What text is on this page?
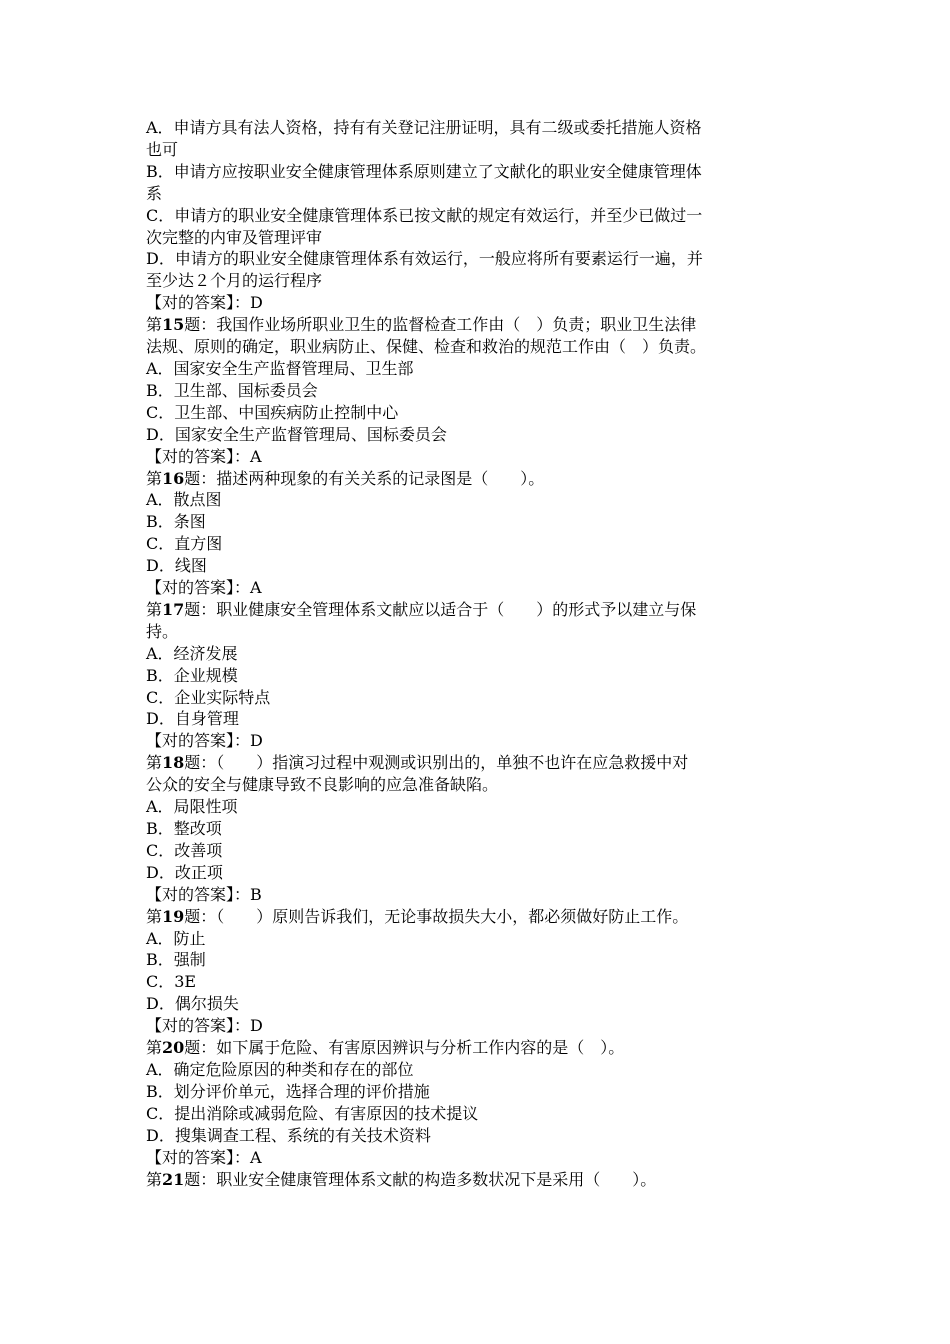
A．申请方具有法人资格，持有有关登记注册证明，具有二级或委托措施人资格

也可

B．申请方应按职业安全健康管理体系原则建立了文献化的职业安全健康管理体

系

C．申请方的职业安全健康管理体系已按文献的规定有效运行，并至少已做过一

次完整的内审及管理评审

D．申请方的职业安全健康管理体系有效运行，一般应将所有要素运行一遍，并

至少达２个月的运行程序

【对的答案】：D

第15题：我国作业场所职业卫生的监督检查工作由（　）负责；职业卫生法律

法规、原则的确定，职业病防止、保健、检查和救治的规范工作由（　）负责。

A．国家安全生产监督管理局、卫生部

B．卫生部、国标委员会

C．卫生部、中国疾病防止控制中心

D．国家安全生产监督管理局、国标委员会

【对的答案】：A

第16题：描述两种现象的有关关系的记录图是（　　）。

A．散点图

B．条图

C．直方图

D．线图

【对的答案】：A

第17题：职业健康安全管理体系文献应以适合于（　　）的形式予以建立与保

持。

A．经济发展

B．企业规模

C．企业实际特点

D．自身管理

【对的答案】：D

第18题：（　　）指演习过程中观测或识别出的，单独不也许在应急救援中对

公众的安全与健康导致不良影响的应急准备缺陷。

A．局限性项

B．整改项

C．改善项

D．改正项

【对的答案】：B

第19题：（　　）原则告诉我们，无论事故损失大小，都必须做好防止工作。

A．防止

B．强制

C．3E

D．偶尔损失

【对的答案】：D

第20题：如下属于危险、有害原因辨识与分析工作内容的是（　）。

A．确定危险原因的种类和存在的部位

B．划分评价单元，选择合理的评价措施

C．提出消除或减弱危险、有害原因的技术提议

D．搜集调查工程、系统的有关技术资料

【对的答案】：A

第21题：职业安全健康管理体系文献的构造多数状况下是采用（　　）。
